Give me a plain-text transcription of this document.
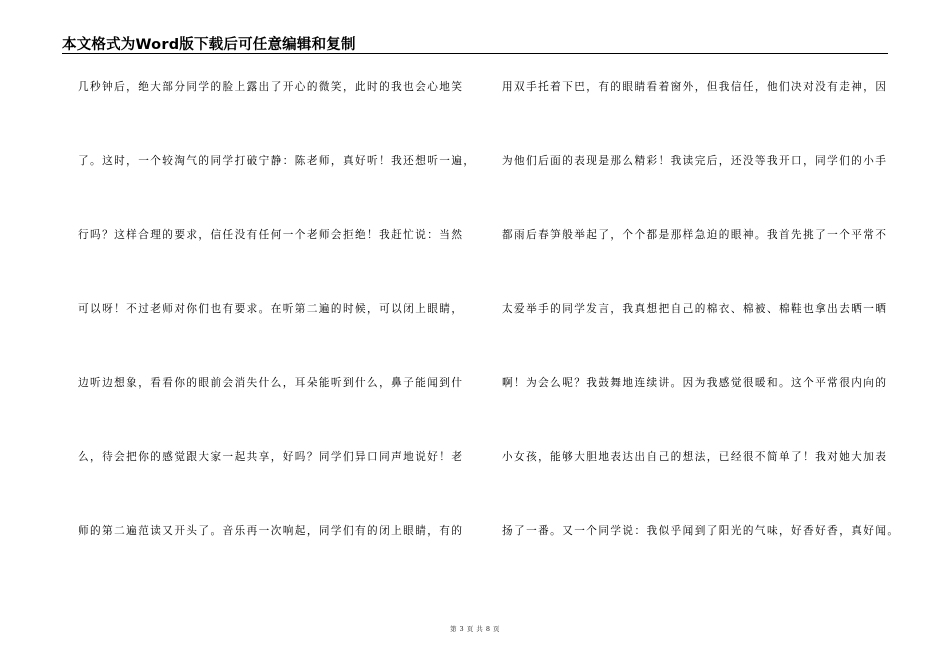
本文格式为Word版下载后可任意编辑和复制
几秒钟后，绝大部分同学的脸上露出了开心的微笑，此时的我也会心地笑
了。这时，一个较淘气的同学打破宁静：陈老师，真好听！我还想听一遍，
行吗？这样合理的要求，信任没有任何一个老师会拒绝！我赶忙说：当然
可以呀！不过老师对你们也有要求。在听第二遍的时候，可以闭上眼睛，
边听边想象，看看你的眼前会消失什么，耳朵能听到什么，鼻子能闻到什
么，待会把你的感觉跟大家一起共享，好吗？同学们异口同声地说好！老
师的第二遍范读又开头了。音乐再一次响起，同学们有的闭上眼睛，有的
用双手托着下巴，有的眼睛看着窗外，但我信任，他们决对没有走神，因
为他们后面的表现是那么精彩！我读完后，还没等我开口，同学们的小手
都雨后春笋般举起了，个个都是那样急迫的眼神。我首先挑了一个平常不
太爱举手的同学发言，我真想把自己的棉衣、棉被、棉鞋也拿出去晒一晒
啊！为会么呢？我鼓舞地连续讲。因为我感觉很暖和。这个平常很内向的
小女孩，能够大胆地表达出自己的想法，已经很不简单了！我对她大加表
扬了一番。又一个同学说：我似乎闻到了阳光的气味，好香好香，真好闻。
第 3 页 共 8 页
